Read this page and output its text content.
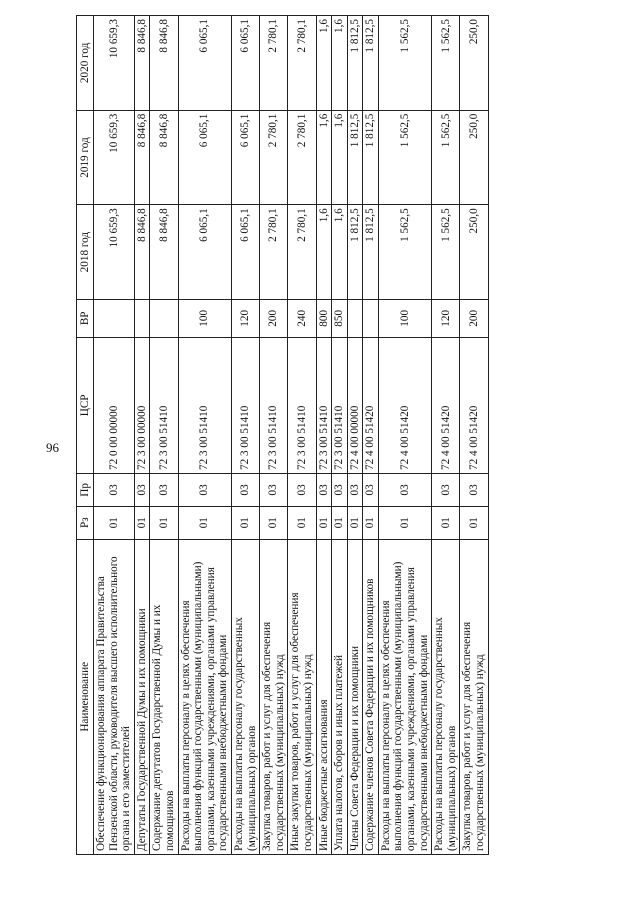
96
Наименование	Рз	Пр	ЦСР	ВР	2018 год	2019 год	2020 год
Обеспечение функционирования аппарата Правительства Пензенской области, руководителя высшего исполнительного органа и его заместителей	01	03	72 0 00 00000		10 659,3	10 659,3	10 659,3
Депутаты Государственной Думы и их помощники	01	03	72 3 00 00000		8 846,8	8 846,8	8 846,8
Содержание депутатов Государственной Думы и их помощников	01	03	72 3 00 51410		8 846,8	8 846,8	8 846,8
Расходы на выплаты персоналу в целях обеспечения выполнения функций государственными (муниципальными) органами, казенными учреждениями, органами управления государственными внебюджетными фондами	01	03	72 3 00 51410	100	6 065,1	6 065,1	6 065,1
Расходы на выплаты персоналу государственных (муниципальных) органов	01	03	72 3 00 51410	120	6 065,1	6 065,1	6 065,1
Закупка товаров, работ и услуг для обеспечения государственных (муниципальных) нужд	01	03	72 3 00 51410	200	2 780,1	2 780,1	2 780,1
Иные закупки товаров, работ и услуг для обеспечения государственных (муниципальных) нужд	01	03	72 3 00 51410	240	2 780,1	2 780,1	2 780,1
Иные бюджетные ассигнования	01	03	72 3 00 51410	800	1,6	1,6	1,6
Уплата налогов, сборов и иных платежей	01	03	72 3 00 51410	850	1,6	1,6	1,6
Члены Совета Федерации и их помощники	01	03	72 4 00 00000		1 812,5	1 812,5	1 812,5
Содержание членов Совета Федерации и их помощников	01	03	72 4 00 51420		1 812,5	1 812,5	1 812,5
Расходы на выплаты персоналу в целях обеспечения выполнения функций государственными (муниципальными) органами, казенными учреждениями, органами управления государственными внебюджетными фондами	01	03	72 4 00 51420	100	1 562,5	1 562,5	1 562,5
Расходы на выплаты персоналу государственных (муниципальных) органов	01	03	72 4 00 51420	120	1 562,5	1 562,5	1 562,5
Закупка товаров, работ и услуг для обеспечения государственных (муниципальных) нужд	01	03	72 4 00 51420	200	250,0	250,0	250,0
